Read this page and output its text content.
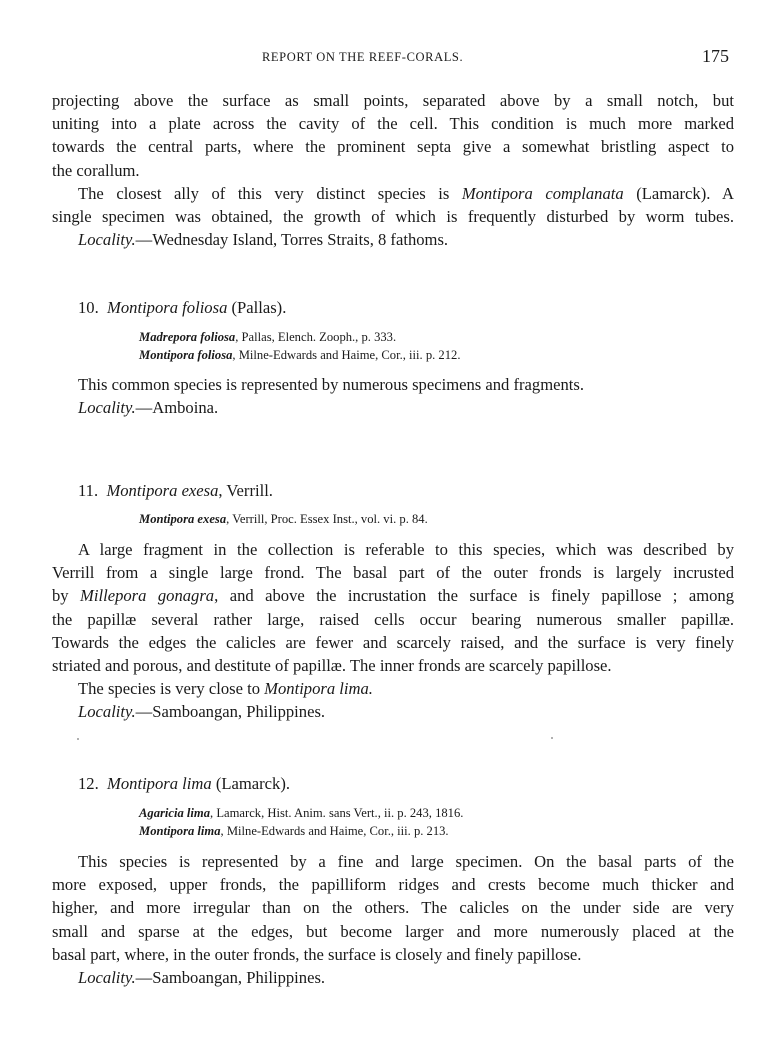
REPORT ON THE REEF-CORALS.	175
projecting above the surface as small points, separated above by a small notch, but
uniting into a plate across the cavity of the cell. This condition is much more marked
towards the central parts, where the prominent septa give a somewhat bristling aspect to
the corallum.
The closest ally of this very distinct species is Montipora complanata (Lamarck). A
single specimen was obtained, the growth of which is frequently disturbed by worm tubes.
Locality.—Wednesday Island, Torres Straits, 8 fathoms.
10. Montipora foliosa (Pallas).
Madrepora foliosa, Pallas, Elench. Zooph., p. 333.
Montipora foliosa, Milne-Edwards and Haime, Cor., iii. p. 212.
This common species is represented by numerous specimens and fragments.
Locality.—Amboina.
11. Montipora exesa, Verrill.
Montipora exesa, Verrill, Proc. Essex Inst., vol. vi. p. 84.
A large fragment in the collection is referable to this species, which was described by
Verrill from a single large frond. The basal part of the outer fronds is largely incrusted
by Millepora gonagra, and above the incrustation the surface is finely papillose ; among
the papillæ several rather large, raised cells occur bearing numerous smaller papillæ.
Towards the edges the calicles are fewer and scarcely raised, and the surface is very finely
striated and porous, and destitute of papillæ. The inner fronds are scarcely papillose.
The species is very close to Montipora lima.
Locality.—Samboangan, Philippines.
12. Montipora lima (Lamarck).
Agaricia lima, Lamarck, Hist. Anim. sans Vert., ii. p. 243, 1816.
Montipora lima, Milne-Edwards and Haime, Cor., iii. p. 213.
This species is represented by a fine and large specimen. On the basal parts of the
more exposed, upper fronds, the papilliform ridges and crests become much thicker and
higher, and more irregular than on the others. The calicles on the under side are very
small and sparse at the edges, but become larger and more numerously placed at the
basal part, where, in the outer fronds, the surface is closely and finely papillose.
Locality.—Samboangan, Philippines.
